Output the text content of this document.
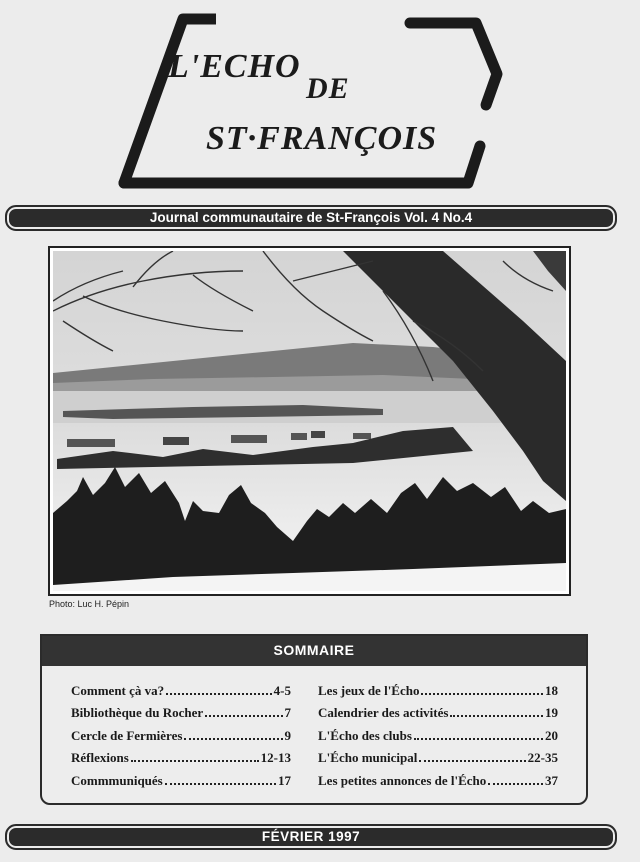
L'ECHO
DE
ST·FRANÇOIS
Journal communautaire de St-François Vol. 4 No.4
Photo: Luc H. Pépin
SOMMAIRE
Comment çà va?	4-5
Bibliothèque du Rocher	7
Cercle de Fermières	9
Réflexions	12-13
Commmuniqués	17
Les jeux de l'Écho	18
Calendrier des activités	19
L'Écho des clubs	20
L'Écho municipal	22-35
Les petites annonces de l'Écho	37
FÉVRIER 1997
